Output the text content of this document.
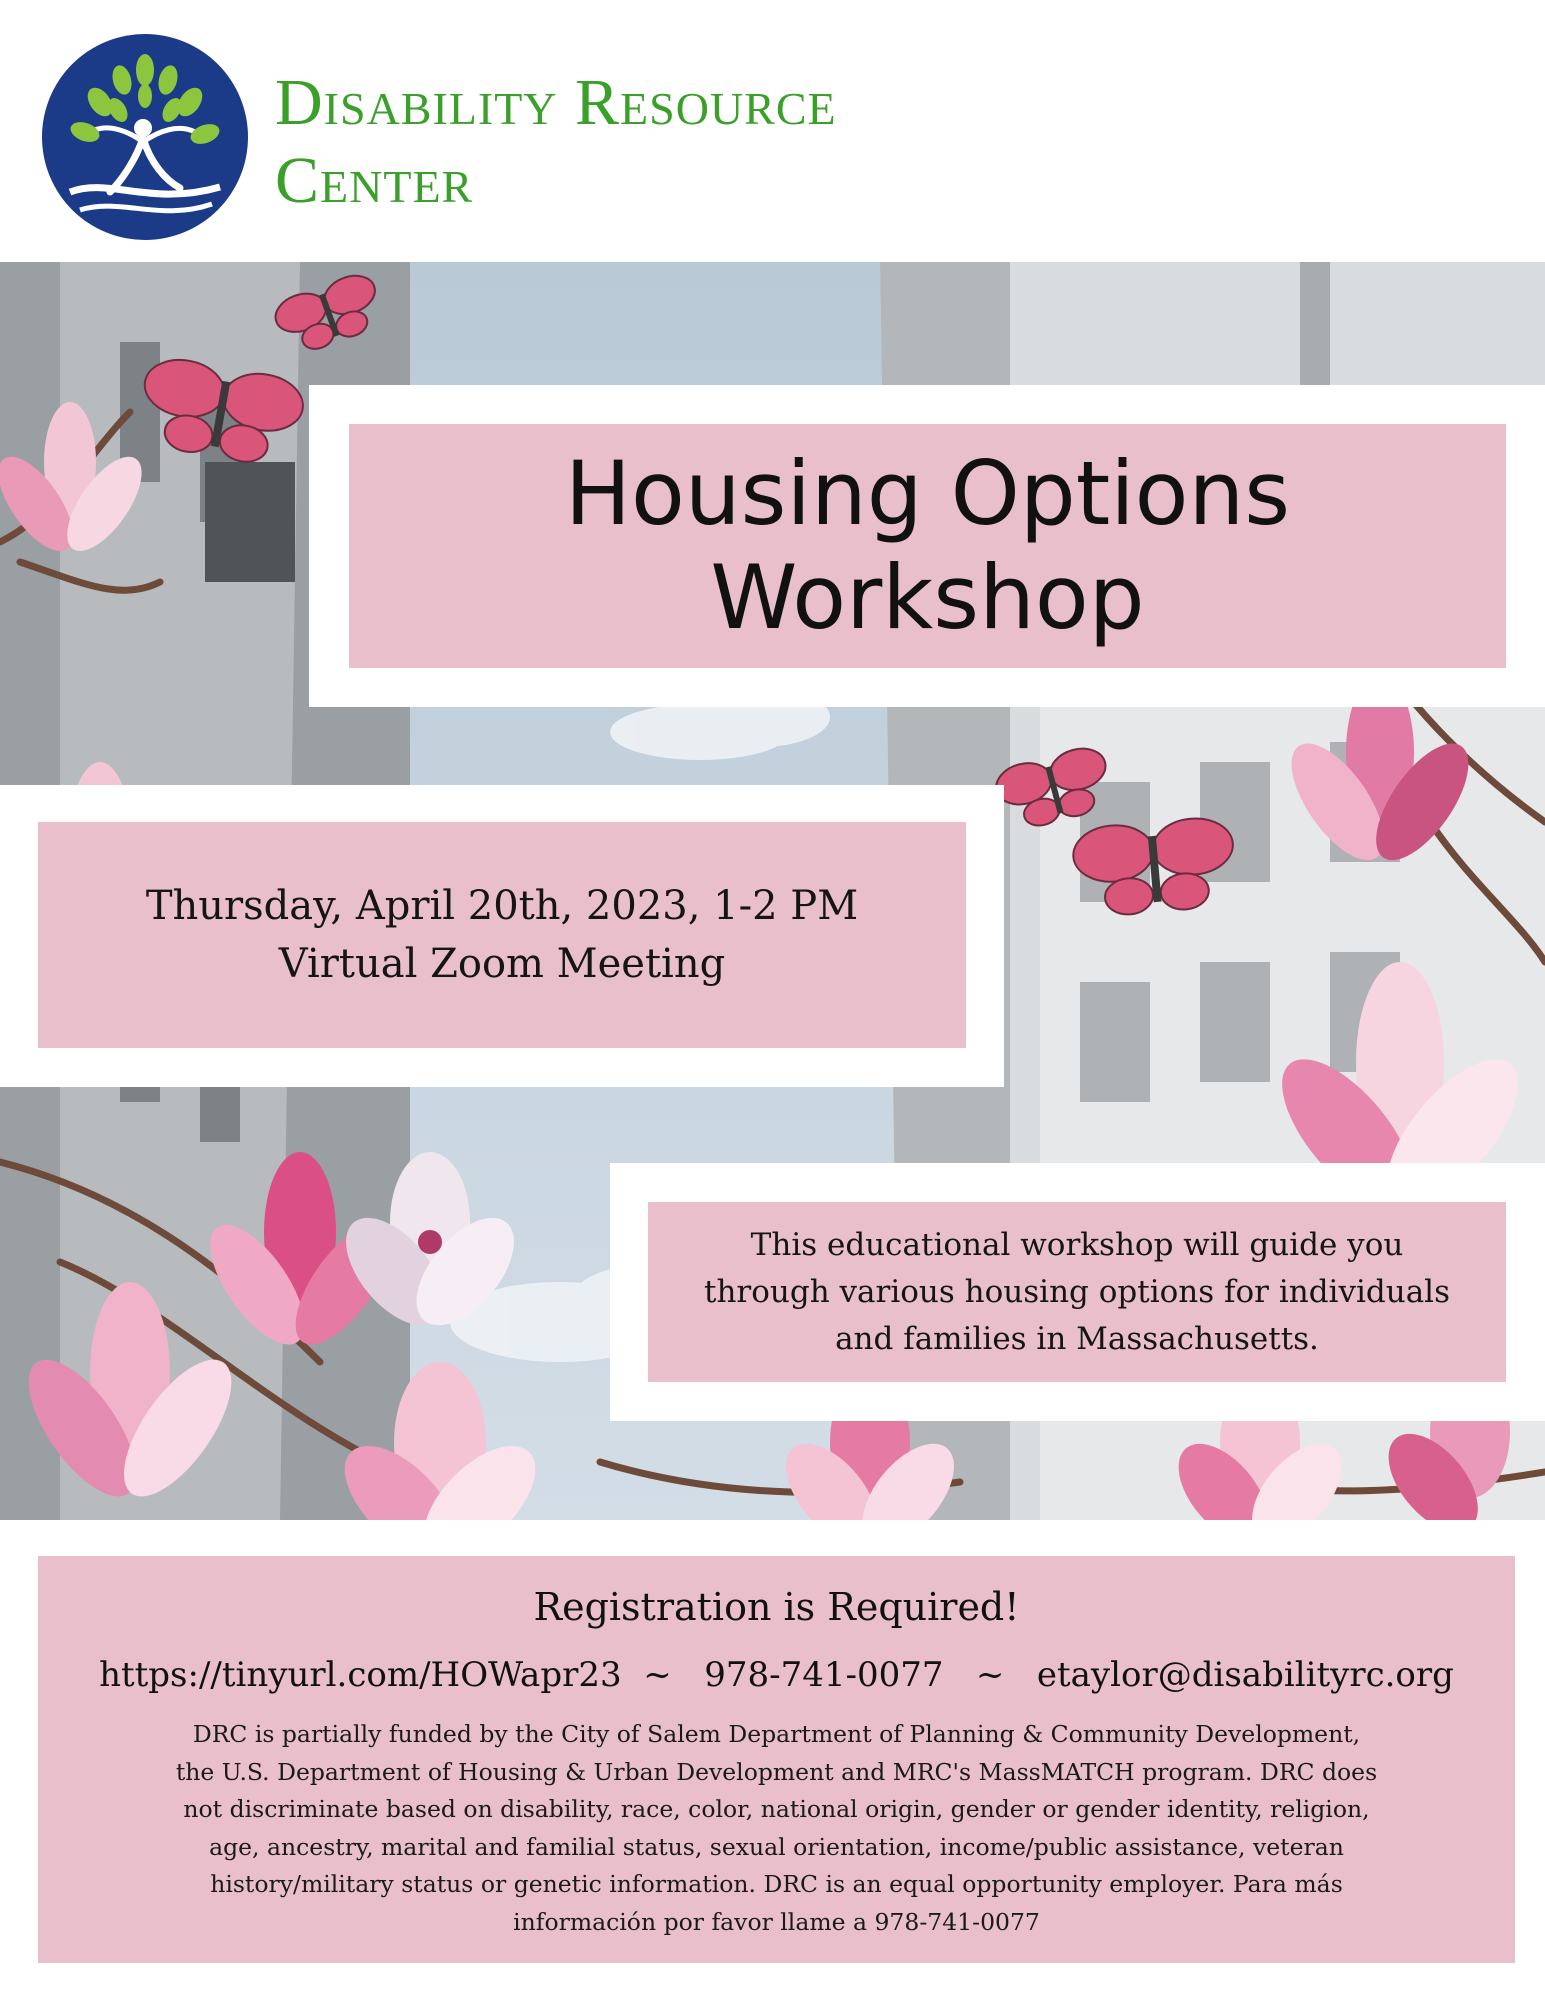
Disability Resource
Center
Housing Options
Workshop
Thursday, April 20th, 2023, 1-2 PM
Virtual Zoom Meeting
This educational workshop will guide you
through various housing options for individuals
and families in Massachusetts.
Registration is Required!
https://tinyurl.com/HOWapr23 ~ 978-741-0077 ~ etaylor@disabilityrc.org
DRC is partially funded by the City of Salem Department of Planning & Community Development,
the U.S. Department of Housing & Urban Development and MRC's MassMATCH program. DRC does
not discriminate based on disability, race, color, national origin, gender or gender identity, religion,
age, ancestry, marital and familial status, sexual orientation, income/public assistance, veteran
history/military status or genetic information. DRC is an equal opportunity employer. Para más
información por favor llame a 978-741-0077
